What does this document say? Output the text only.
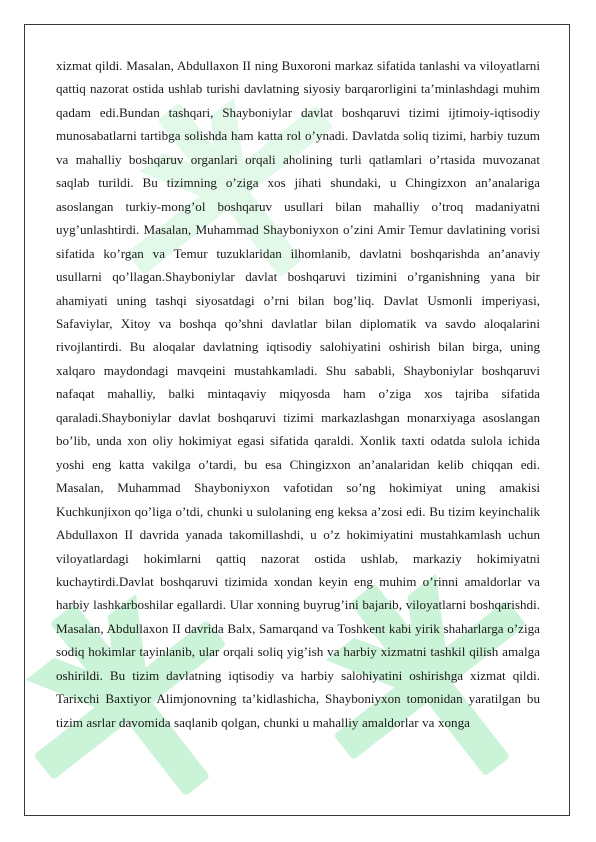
xizmat qildi. Masalan, Abdullaxon II ning Buxoroni markaz sifatida tanlashi va viloyatlarni qattiq nazorat ostida ushlab turishi davlatning siyosiy barqarorligini ta’minlashdagi muhim qadam edi.Bundan tashqari, Shayboniylar davlat boshqaruvi tizimi ijtimoiy-iqtisodiy munosabatlarni tartibga solishda ham katta rol o’ynadi. Davlatda soliq tizimi, harbiy tuzum va mahalliy boshqaruv organlari orqali aholining turli qatlamlari o’rtasida muvozanat saqlab turildi. Bu tizimning o’ziga xos jihati shundaki, u Chingizxon an’analariga asoslangan turkiy-mong’ol boshqaruv usullari bilan mahalliy o’troq madaniyatni uyg’unlashtirdi. Masalan, Muhammad Shayboniyxon o’zini Amir Temur davlatining vorisi sifatida ko’rgan va Temur tuzuklaridan ilhomlanib, davlatni boshqarishda an’anaviy usullarni qo’llagan.Shayboniylar davlat boshqaruvi tizimini o’rganishning yana bir ahamiyati uning tashqi siyosatdagi o’rni bilan bog’liq. Davlat Usmonli imperiyasi, Safaviylar, Xitoy va boshqa qo’shni davlatlar bilan diplomatik va savdo aloqalarini rivojlantirdi. Bu aloqalar davlatning iqtisodiy salohiyatini oshirish bilan birga, uning xalqaro maydondagi mavqeini mustahkamladi. Shu sababli, Shayboniylar boshqaruvi nafaqat mahalliy, balki mintaqaviy miqyosda ham o’ziga xos tajriba sifatida qaraladi.Shayboniylar davlat boshqaruvi tizimi markazlashgan monarxiyaga asoslangan bo’lib, unda xon oliy hokimiyat egasi sifatida qaraldi. Xonlik taxti odatda sulola ichida yoshi eng katta vakilga o’tardi, bu esa Chingizxon an’analaridan kelib chiqqan edi. Masalan, Muhammad Shayboniyxon vafotidan so’ng hokimiyat uning amakisi Kuchkunjixon qo’liga o’tdi, chunki u sulolaning eng keksa a’zosi edi. Bu tizim keyinchalik Abdullaxon II davrida yanada takomillashdi, u o’z hokimiyatini mustahkamlash uchun viloyatlardagi hokimlarni qattiq nazorat ostida ushlab, markaziy hokimiyatni kuchaytirdi.Davlat boshqaruvi tizimida xondan keyin eng muhim o’rinni amaldorlar va harbiy lashkarboshilar egallardi. Ular xonning buyrug’ini bajarib, viloyatlarni boshqarishdi. Masalan, Abdullaxon II davrida Balx, Samarqand va Toshkent kabi yirik shaharlarga o’ziga sodiq hokimlar tayinlanib, ular orqali soliq yig’ish va harbiy xizmatni tashkil qilish amalga oshirildi. Bu tizim davlatning iqtisodiy va harbiy salohiyatini oshirishga xizmat qildi. Tarixchi Baxtiyor Alimjonovning ta’kidlashicha, Shayboniyxon tomonidan yaratilgan bu tizim asrlar davomida saqlanib qolgan, chunki u mahalliy amaldorlar va xonga
